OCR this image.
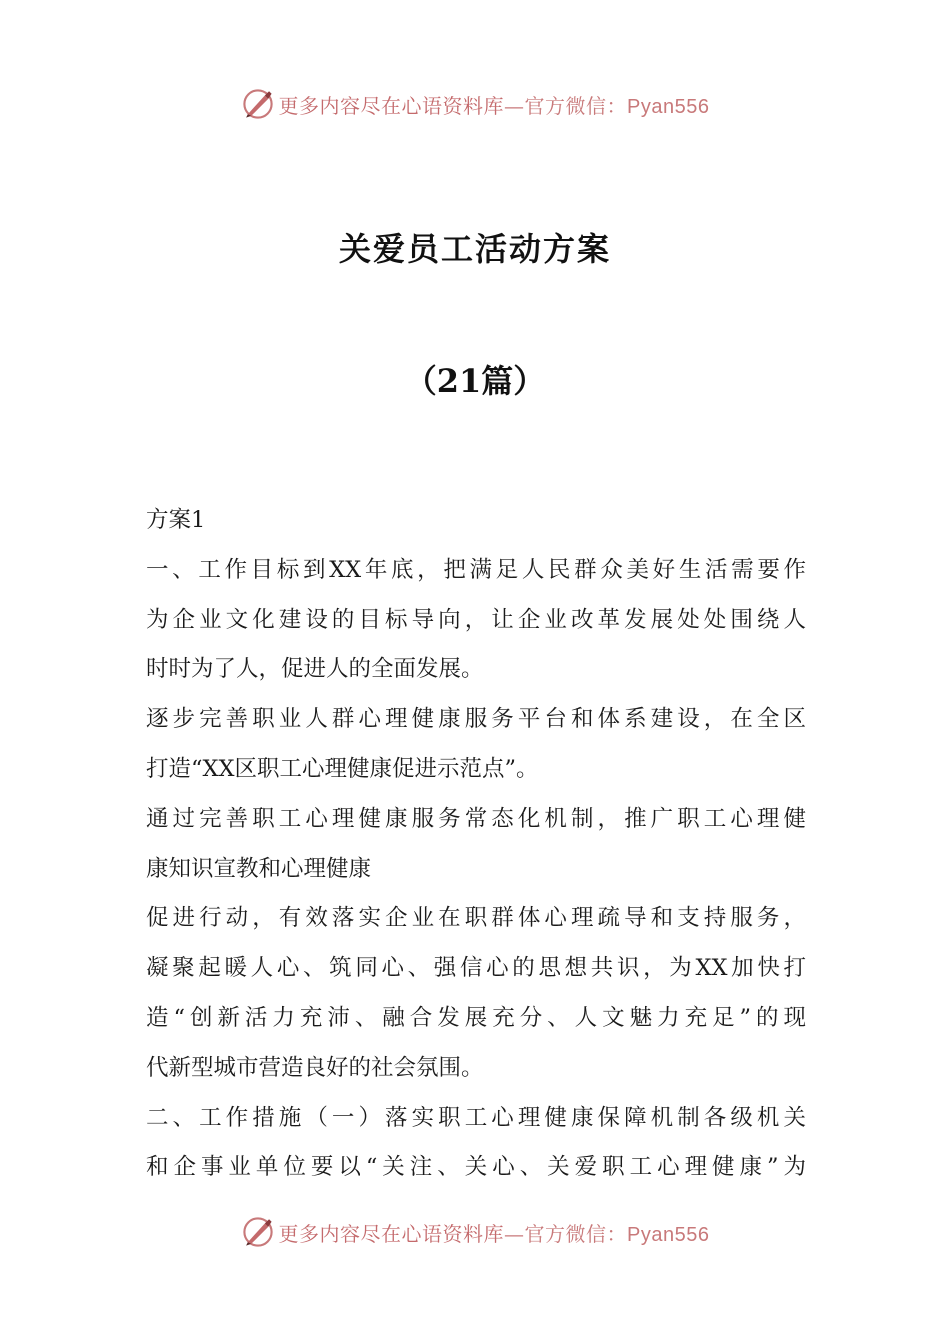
更多内容尽在心语资料库—官方微信：Pyan556
关爱员工活动方案
（21篇）
方案1
一、工作目标到XX年底，把满足人民群众美好生活需要作
为企业文化建设的目标导向，让企业改革发展处处围绕人
时时为了人，促进人的全面发展。
逐步完善职业人群心理健康服务平台和体系建设，在全区
打造“XX区职工心理健康促进示范点”。
通过完善职工心理健康服务常态化机制，推广职工心理健
康知识宣教和心理健康
促进行动，有效落实企业在职群体心理疏导和支持服务，
凝聚起暖人心、筑同心、强信心的思想共识，为XX加快打
造“创新活力充沛、融合发展充分、人文魅力充足”的现
代新型城市营造良好的社会氛围。
二、工作措施（一）落实职工心理健康保障机制各级机关
和企事业单位要以“关注、关心、关爱职工心理健康”为
更多内容尽在心语资料库—官方微信：Pyan556
